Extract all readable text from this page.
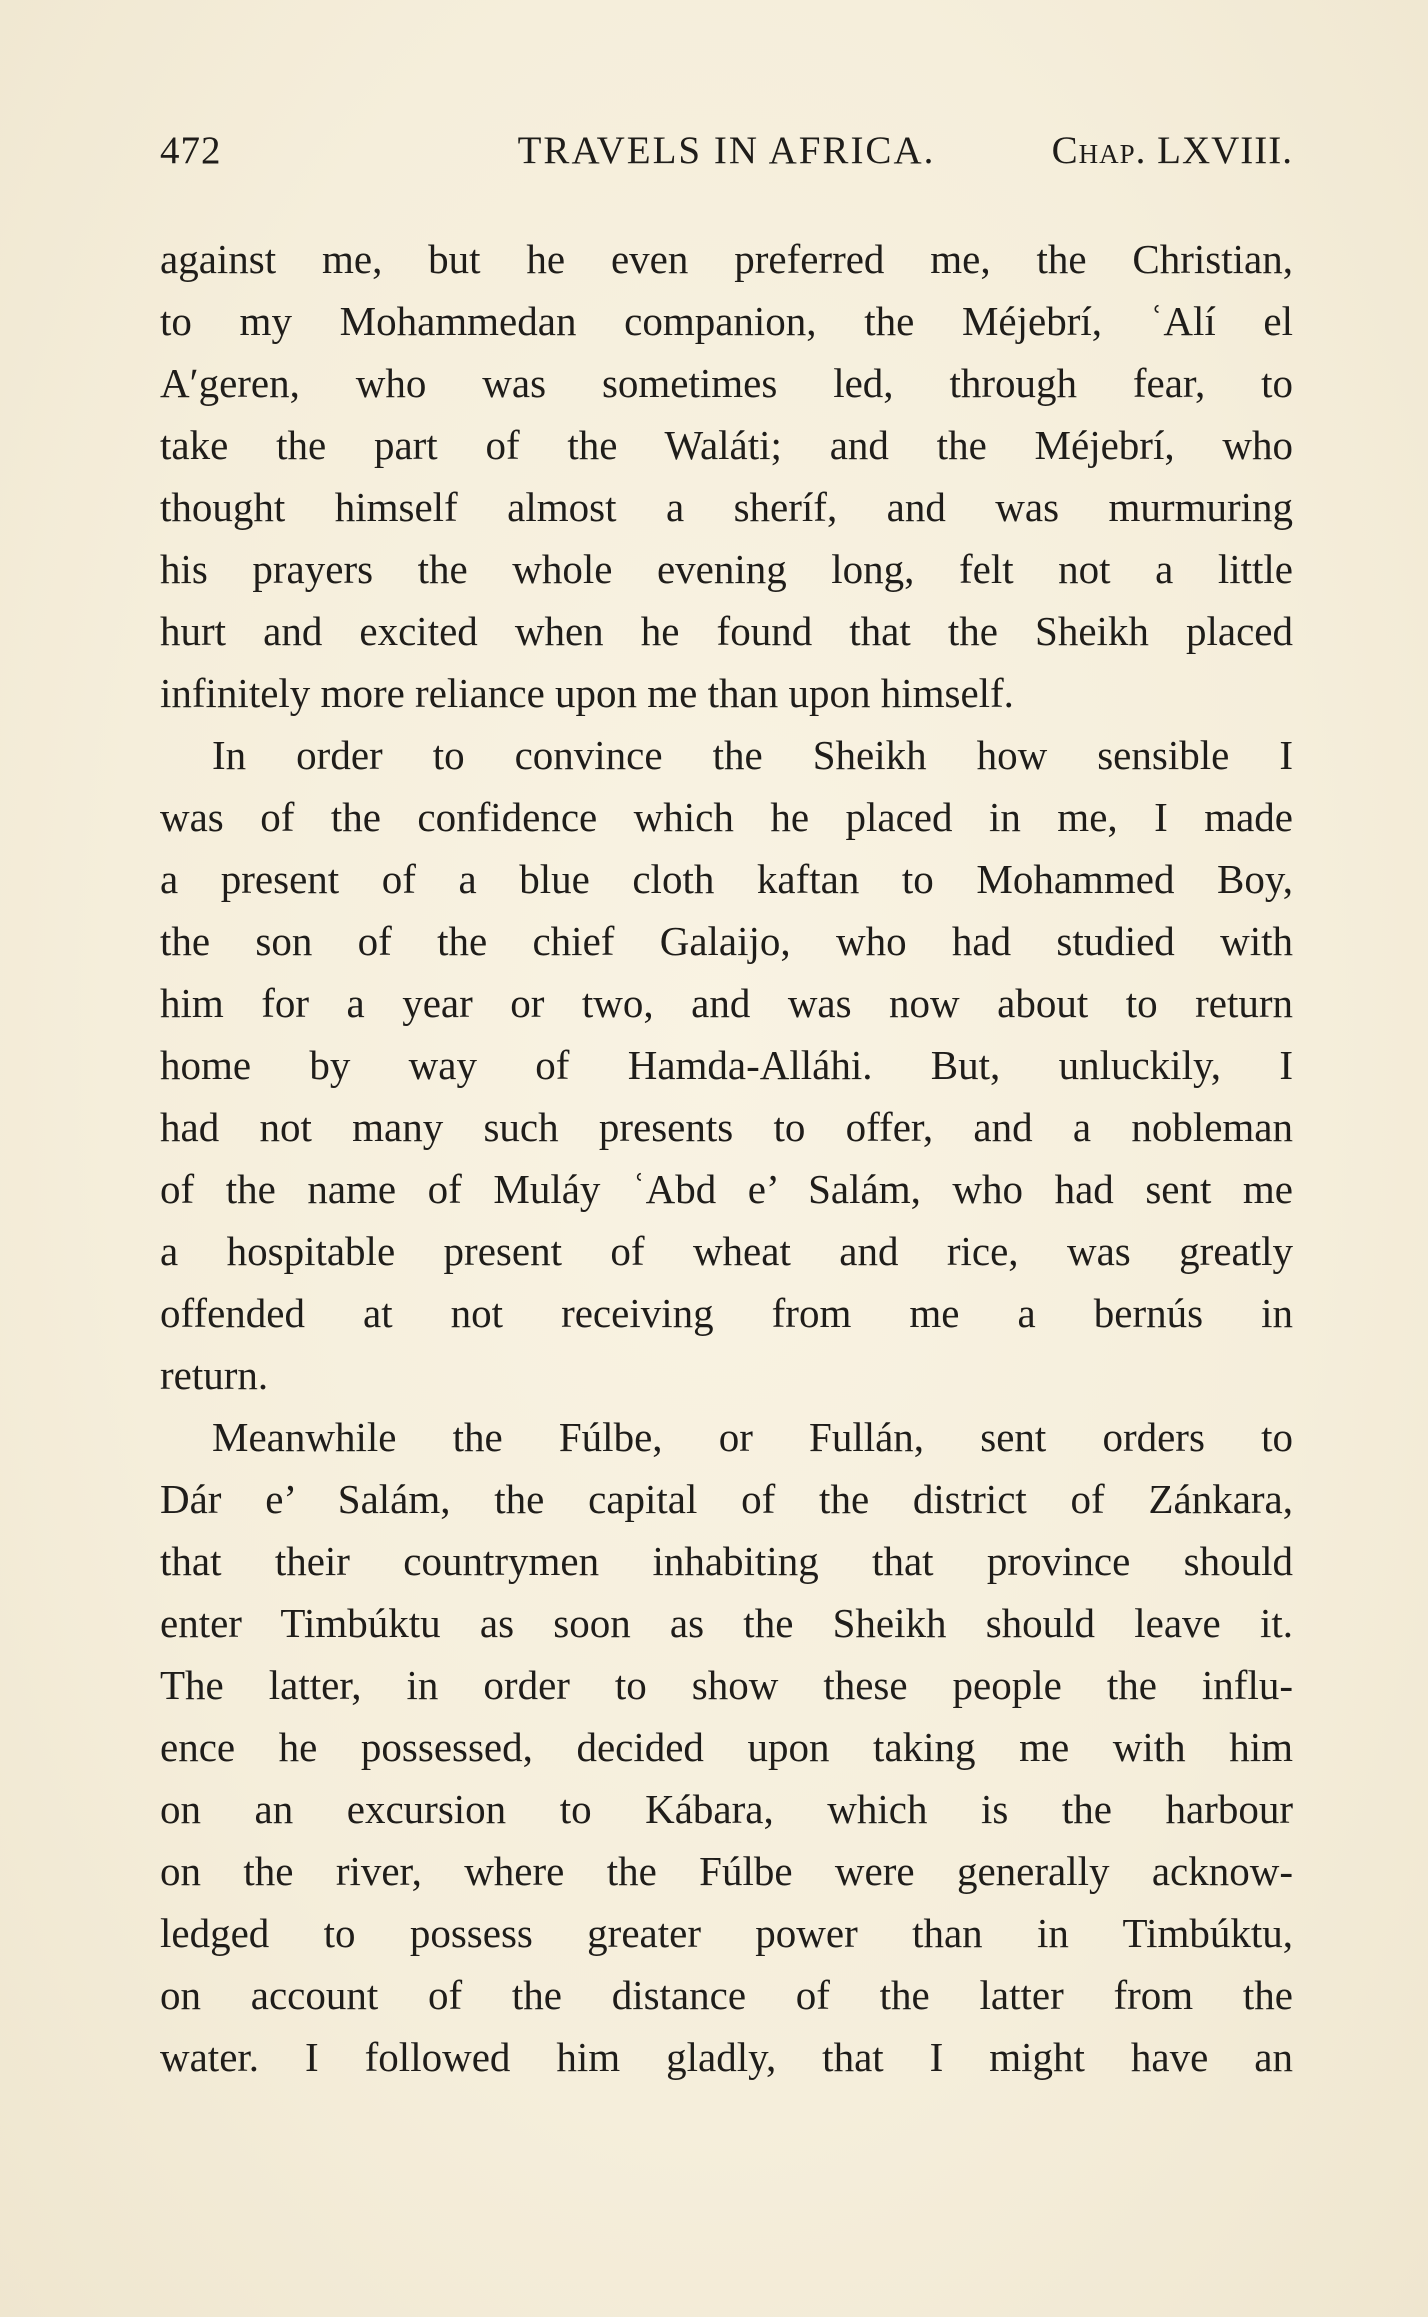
472	TRAVELS IN AFRICA.	Chap. LXVIII.
against me, but he even preferred me, the Christian,
to my Mohammedan companion, the Méjebrí, ʿAlí el
Aʹgeren, who was sometimes led, through fear, to
take the part of the Waláti; and the Méjebrí, who
thought himself almost a sheríf, and was murmuring
his prayers the whole evening long, felt not a little
hurt and excited when he found that the Sheikh placed
infinitely more reliance upon me than upon himself.
In order to convince the Sheikh how sensible I
was of the confidence which he placed in me, I made
a present of a blue cloth kaftan to Mohammed Boy,
the son of the chief Galaijo, who had studied with
him for a year or two, and was now about to return
home by way of Hamda-Alláhi. But, unluckily, I
had not many such presents to offer, and a nobleman
of the name of Muláy ʿAbd e’ Salám, who had sent me
a hospitable present of wheat and rice, was greatly
offended at not receiving from me a bernús in
return.
Meanwhile the Fúlbe, or Fullán, sent orders to
Dár e’ Salám, the capital of the district of Zánkara,
that their countrymen inhabiting that province should
enter Timbúktu as soon as the Sheikh should leave it.
The latter, in order to show these people the influ-
ence he possessed, decided upon taking me with him
on an excursion to Kábara, which is the harbour
on the river, where the Fúlbe were generally acknow-
ledged to possess greater power than in Timbúktu,
on account of the distance of the latter from the
water. I followed him gladly, that I might have an
